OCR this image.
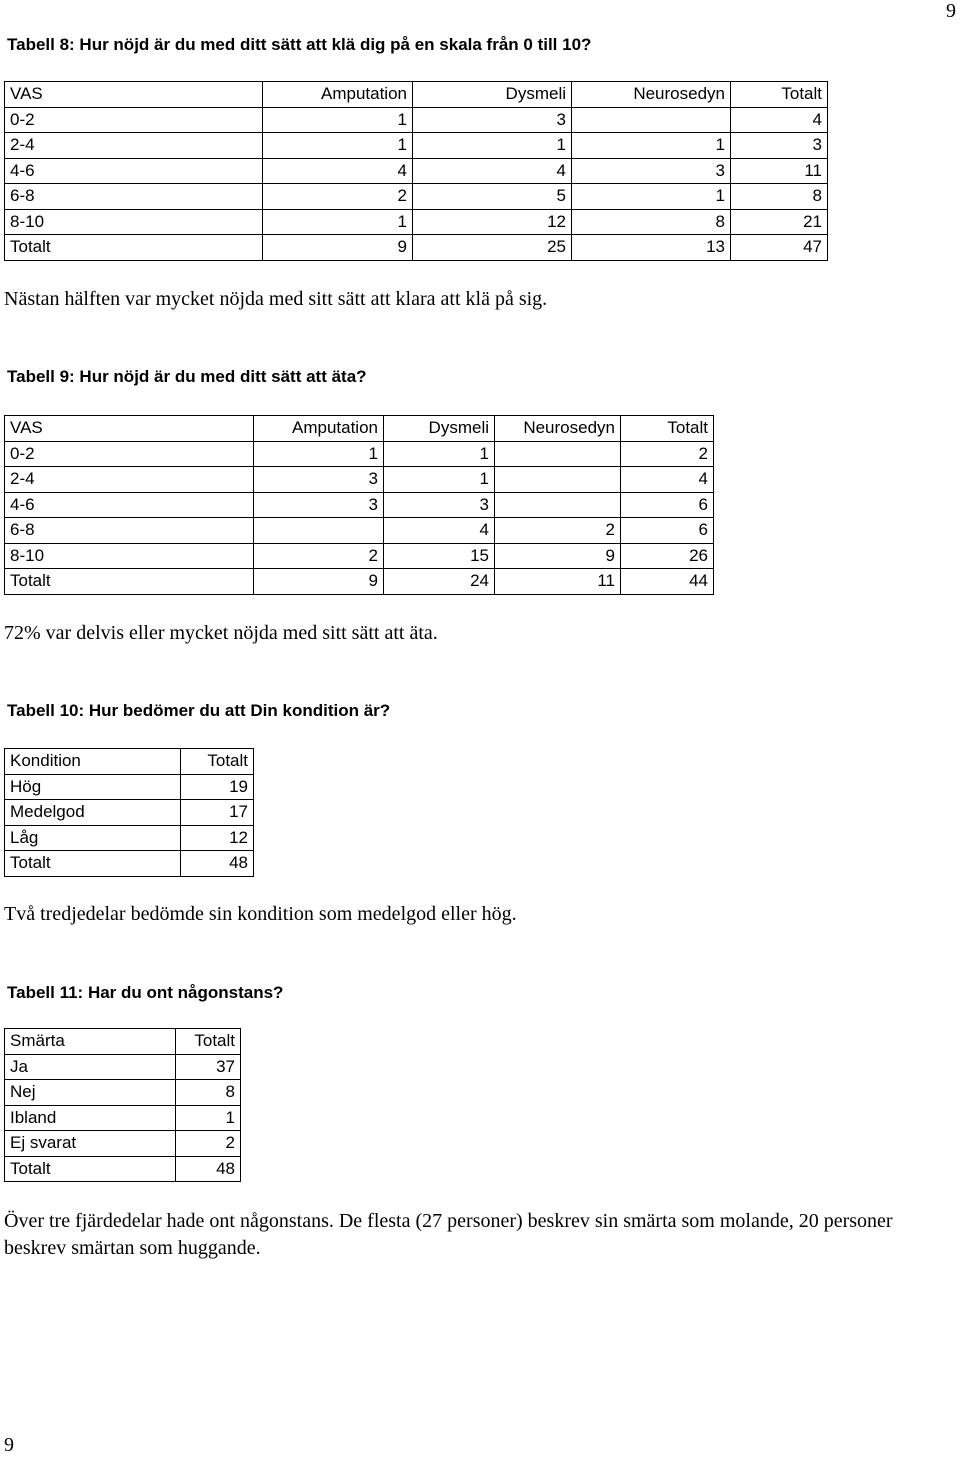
9
Tabell 8: Hur nöjd är du med ditt sätt att klä dig på en skala från 0 till 10?
VAS	Amputation	Dysmeli	Neurosedyn	Totalt
0-2	1	3		4
2-4	1	1	1	3
4-6	4	4	3	11
6-8	2	5	1	8
8-10	1	12	8	21
Totalt	9	25	13	47
Nästan hälften var mycket nöjda med sitt sätt att klara att klä på sig.
Tabell 9: Hur nöjd är du med ditt sätt att äta?
VAS	Amputation	Dysmeli	Neurosedyn	Totalt
0-2	1	1		2
2-4	3	1		4
4-6	3	3		6
6-8		4	2	6
8-10	2	15	9	26
Totalt	9	24	11	44
72% var delvis eller mycket nöjda med sitt sätt att äta.
Tabell 10: Hur bedömer du att Din kondition är?
Kondition	Totalt
Hög	19
Medelgod	17
Låg	12
Totalt	48
Två tredjedelar bedömde sin kondition som medelgod eller hög.
Tabell 11: Har du ont någonstans?
Smärta	Totalt
Ja	37
Nej	8
Ibland	1
Ej svarat	2
Totalt	48
Över tre fjärdedelar hade ont någonstans. De flesta (27 personer) beskrev sin smärta som molande, 20 personer beskrev smärtan som huggande.
9
